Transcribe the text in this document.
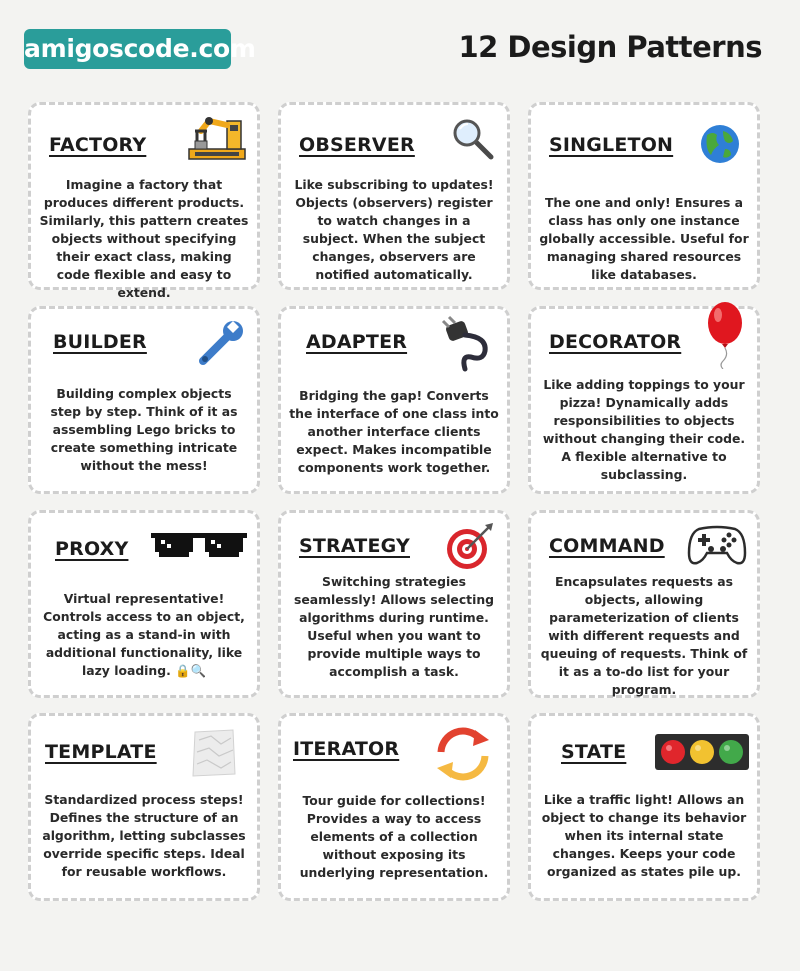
amigoscode.com	12 Design Patterns
FACTORY
Imagine a factory that produces different products. Similarly, this pattern creates objects without specifying their exact class, making code flexible and easy to extend.
OBSERVER
Like subscribing to updates! Objects (observers) register to watch changes in a subject. When the subject changes, observers are notified automatically.
SINGLETON
The one and only! Ensures a class has only one instance globally accessible. Useful for managing shared resources like databases.
BUILDER
Building complex objects step by step. Think of it as assembling Lego bricks to create something intricate without the mess!
ADAPTER
Bridging the gap! Converts the interface of one class into another interface clients expect. Makes incompatible components work together.
DECORATOR
Like adding toppings to your pizza! Dynamically adds responsibilities to objects without changing their code. A flexible alternative to subclassing.
PROXY
Virtual representative! Controls access to an object, acting as a stand-in with additional functionality, like lazy loading. 🔒🔍
STRATEGY
Switching strategies seamlessly! Allows selecting algorithms during runtime. Useful when you want to provide multiple ways to accomplish a task.
COMMAND
Encapsulates requests as objects, allowing parameterization of clients with different requests and queuing of requests. Think of it as a to-do list for your program.
TEMPLATE
Standardized process steps! Defines the structure of an algorithm, letting subclasses override specific steps. Ideal for reusable workflows.
ITERATOR
Tour guide for collections! Provides a way to access elements of a collection without exposing its underlying representation.
STATE
Like a traffic light! Allows an object to change its behavior when its internal state changes. Keeps your code organized as states pile up.
